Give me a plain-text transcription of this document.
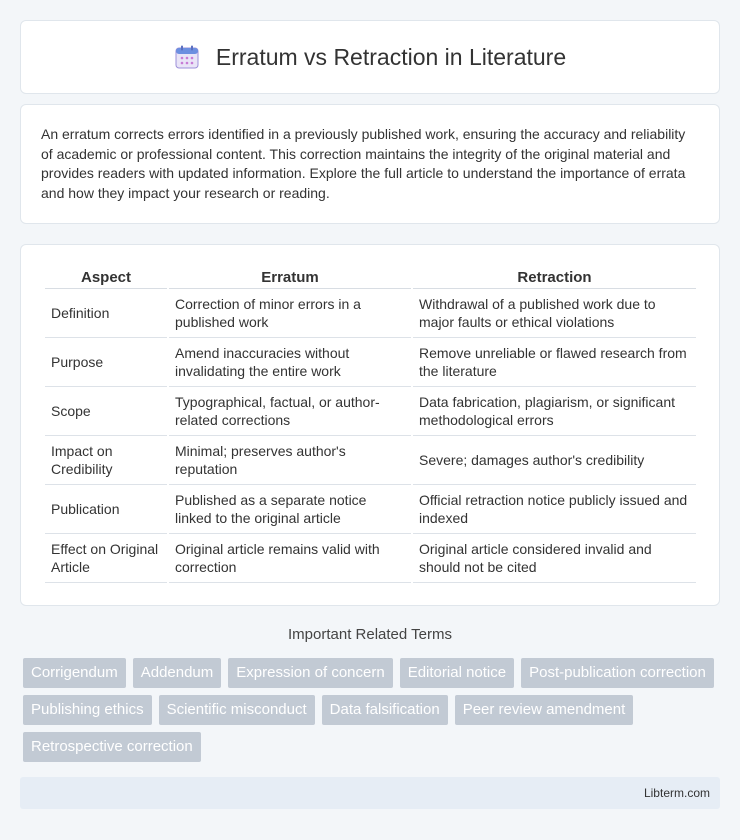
Erratum vs Retraction in Literature

An erratum corrects errors identified in a previously published work, ensuring the accuracy and reliability of academic or professional content. This correction maintains the integrity of the original material and provides readers with updated information. Explore the full article to understand the importance of errata and how they impact your research or reading.

Aspect	Erratum	Retraction
Definition	Correction of minor errors in a published work	Withdrawal of a published work due to major faults or ethical violations
Purpose	Amend inaccuracies without invalidating the entire work	Remove unreliable or flawed research from the literature
Scope	Typographical, factual, or author-related corrections	Data fabrication, plagiarism, or significant methodological errors
Impact on Credibility	Minimal; preserves author's reputation	Severe; damages author's credibility
Publication	Published as a separate notice linked to the original article	Official retraction notice publicly issued and indexed
Effect on Original Article	Original article remains valid with correction	Original article considered invalid and should not be cited
Important Related Terms
Corrigendum	Addendum	Expression of concern	Editorial notice	Post-publication correction
Publishing ethics	Scientific misconduct	Data falsification	Peer review amendment
Retrospective correction
Libterm.com
